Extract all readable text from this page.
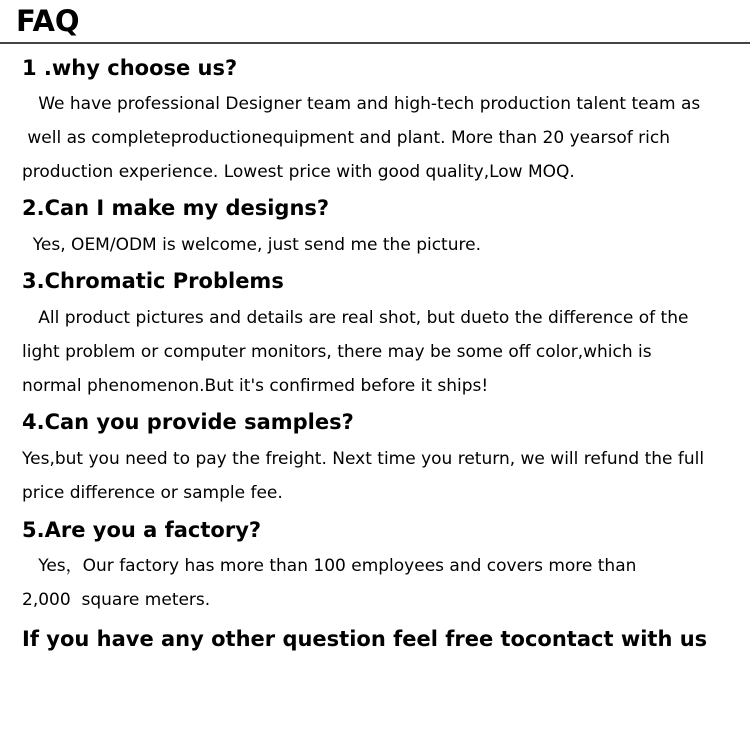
FAQ
1 .why choose us?
We have professional Designer team and high-tech production talent team as
well as completeproductionequipment and plant. More than 20 yearsof rich
production experience. Lowest price with good quality,Low MOQ.
2.Can I make my designs?
Yes, OEM/ODM is welcome, just send me the picture.
3.Chromatic Problems
All product pictures and details are real shot, but dueto the difference of the
light problem or computer monitors, there may be some off color,which is
normal phenomenon.But it's confirmed before it ships!
4.Can you provide samples?
Yes,but you need to pay the freight. Next time you return, we will refund the full
price difference or sample fee.
5.Are you a factory?
Yes，Our factory has more than 100 employees and covers more than
2,000  square meters.
If you have any other question feel free tocontact with us
